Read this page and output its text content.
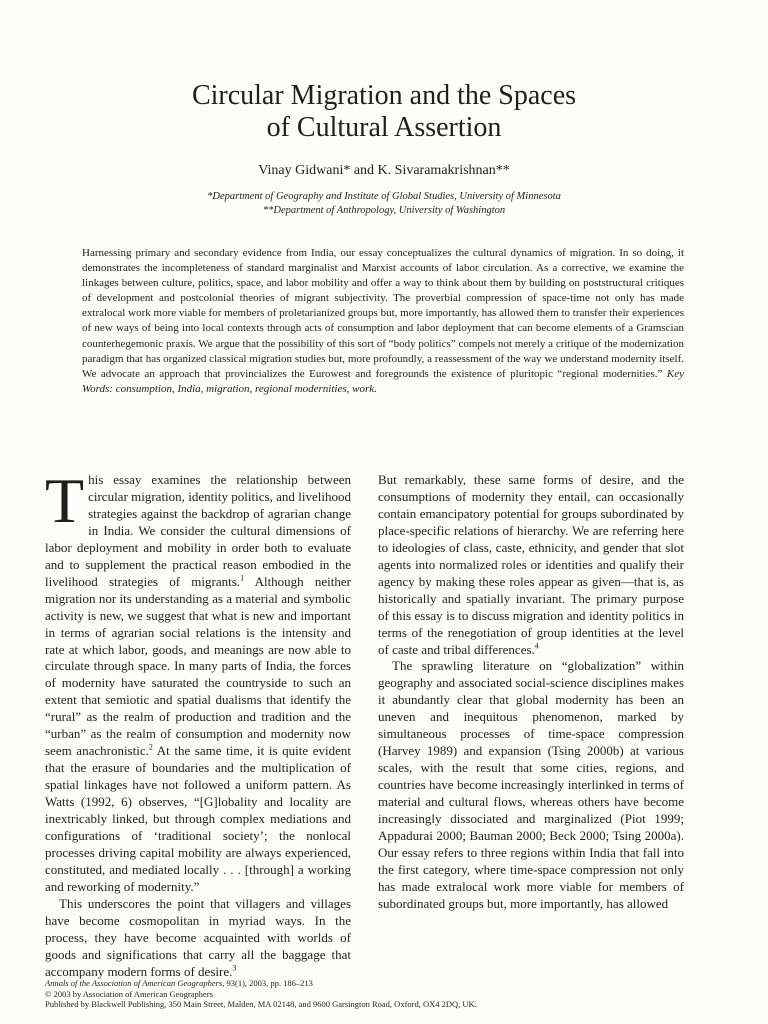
Circular Migration and the Spaces
of Cultural Assertion
Vinay Gidwani* and K. Sivaramakrishnan**
*Department of Geography and Institute of Global Studies, University of Minnesota
**Department of Anthropology, University of Washington

Harnessing primary and secondary evidence from India, our essay conceptualizes the cultural dynamics of migration. In so doing, it demonstrates the incompleteness of standard marginalist and Marxist accounts of labor circulation. As a corrective, we examine the linkages between culture, politics, space, and labor mobility and offer a way to think about them by building on poststructural critiques of development and postcolonial theories of migrant subjectivity. The proverbial compression of space-time not only has made extralocal work more viable for members of proletarianized groups but, more importantly, has allowed them to transfer their experiences of new ways of being into local contexts through acts of consumption and labor deployment that can become elements of a Gramscian counterhegemonic praxis. We argue that the possibility of this sort of “body politics” compels not merely a critique of the modernization paradigm that has organized classical migration studies but, more profoundly, a reassessment of the way we understand modernity itself. We advocate an approach that provincializes the Eurowest and foregrounds the existence of pluritopic “regional modernities.” Key Words: consumption, India, migration, regional modernities, work.

This essay examines the relationship between circular migration, identity politics, and livelihood strategies against the backdrop of agrarian change in India. We consider the cultural dimensions of labor deployment and mobility in order both to evaluate and to supplement the practical reason embodied in the livelihood strategies of migrants.$^1$ Although neither migration nor its understanding as a material and symbolic activity is new, we suggest that what is new and important in terms of agrarian social relations is the intensity and rate at which labor, goods, and meanings are now able to circulate through space. In many parts of India, the forces of modernity have saturated the countryside to such an extent that semiotic and spatial dualisms that identify the “rural” as the realm of production and tradition and the “urban” as the realm of consumption and modernity now seem anachronistic.$^2$ At the same time, it is quite evident that the erasure of boundaries and the multiplication of spatial linkages have not followed a uniform pattern. As Watts (1992, 6) observes, “[G]lobality and locality are inextricably linked, but through complex mediations and configurations of ‘traditional society’; the nonlocal processes driving capital mobility are always experienced, constituted, and mediated locally . . . [through] a working and reworking of modernity.”

This underscores the point that villagers and villages have become cosmopolitan in myriad ways. In the process, they have become acquainted with worlds of goods and significations that carry all the baggage that accompany modern forms of desire.$^3$

But remarkably, these same forms of desire, and the consumptions of modernity they entail, can occasionally contain emancipatory potential for groups subordinated by place-specific relations of hierarchy. We are referring here to ideologies of class, caste, ethnicity, and gender that slot agents into normalized roles or identities and qualify their agency by making these roles appear as given—that is, as historically and spatially invariant. The primary purpose of this essay is to discuss migration and identity politics in terms of the renegotiation of group identities at the level of caste and tribal differences.$^4$

The sprawling literature on “globalization” within geography and associated social-science disciplines makes it abundantly clear that global modernity has been an uneven and inequitous phenomenon, marked by simultaneous processes of time-space compression (Harvey 1989) and expansion (Tsing 2000b) at various scales, with the result that some cities, regions, and countries have become increasingly interlinked in terms of material and cultural flows, whereas others have become increasingly dissociated and marginalized (Piot 1999; Appadurai 2000; Bauman 2000; Beck 2000; Tsing 2000a). Our essay refers to three regions within India that fall into the first category, where time-space compression not only has made extralocal work more viable for members of subordinated groups but, more importantly, has allowed

Annals of the Association of American Geographers, 93(1), 2003, pp. 186–213
© 2003 by Association of American Geographers
Published by Blackwell Publishing, 350 Main Street, Malden, MA 02148, and 9600 Garsington Road, Oxford, OX4 2DQ, UK.
